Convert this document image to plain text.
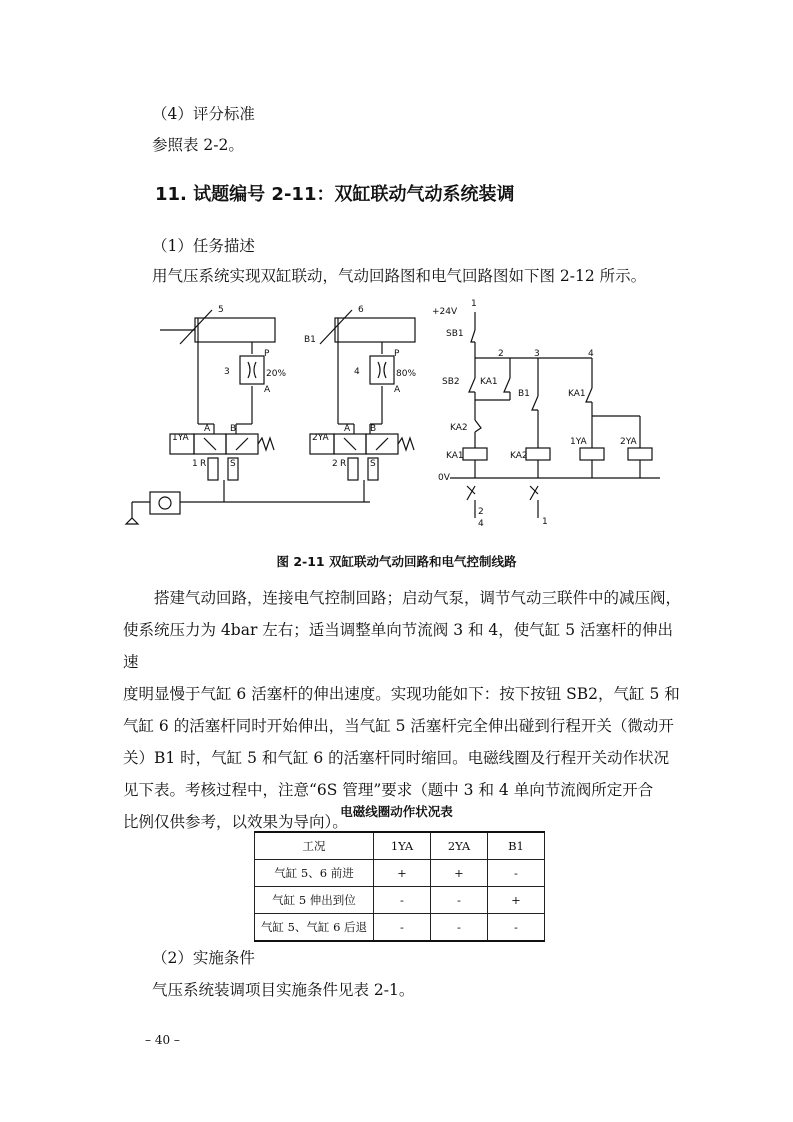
（4）评分标准
参照表 2-2。
11. 试题编号 2-11：双缸联动气动系统装调
（1）任务描述
用气压系统实现双缸联动，气动回路图和电气回路图如下图 2-12 所示。
5	6
B1
3	20%	4	80%
P
A
P
A
A B	A B
1YA	2YA
1 R	S	2 R	S
+24V
1
2	3	4
SB1
SB2 KA1
B1	KA1
KA2
KA1	KA2
1YA	2YA
0V
2
4	1
图 2-11 双缸联动气动回路和电气控制线路
搭建气动回路，连接电气控制回路；启动气泵，调节气动三联件中的减压阀，
使系统压力为 4bar 左右；适当调整单向节流阀 3 和 4，使气缸 5 活塞杆的伸出速
度明显慢于气缸 6 活塞杆的伸出速度。实现功能如下：按下按钮 SB2，气缸 5 和
气缸 6 的活塞杆同时开始伸出，当气缸 5 活塞杆完全伸出碰到行程开关（微动开
关）B1 时，气缸 5 和气缸 6 的活塞杆同时缩回。电磁线圈及行程开关动作状况
见下表。考核过程中，注意“6S 管理”要求（题中 3 和 4 单向节流阀所定开合
比例仅供参考，以效果为导向）。
电磁线圈动作状况表
工况	1YA	2YA	B1
气缸 5、6 前进	+	+	-
气缸 5 伸出到位	-	-	+
气缸 5、气缸 6 后退	-	-	-
（2）实施条件
气压系统装调项目实施条件见表 2-1。
– 40 –
